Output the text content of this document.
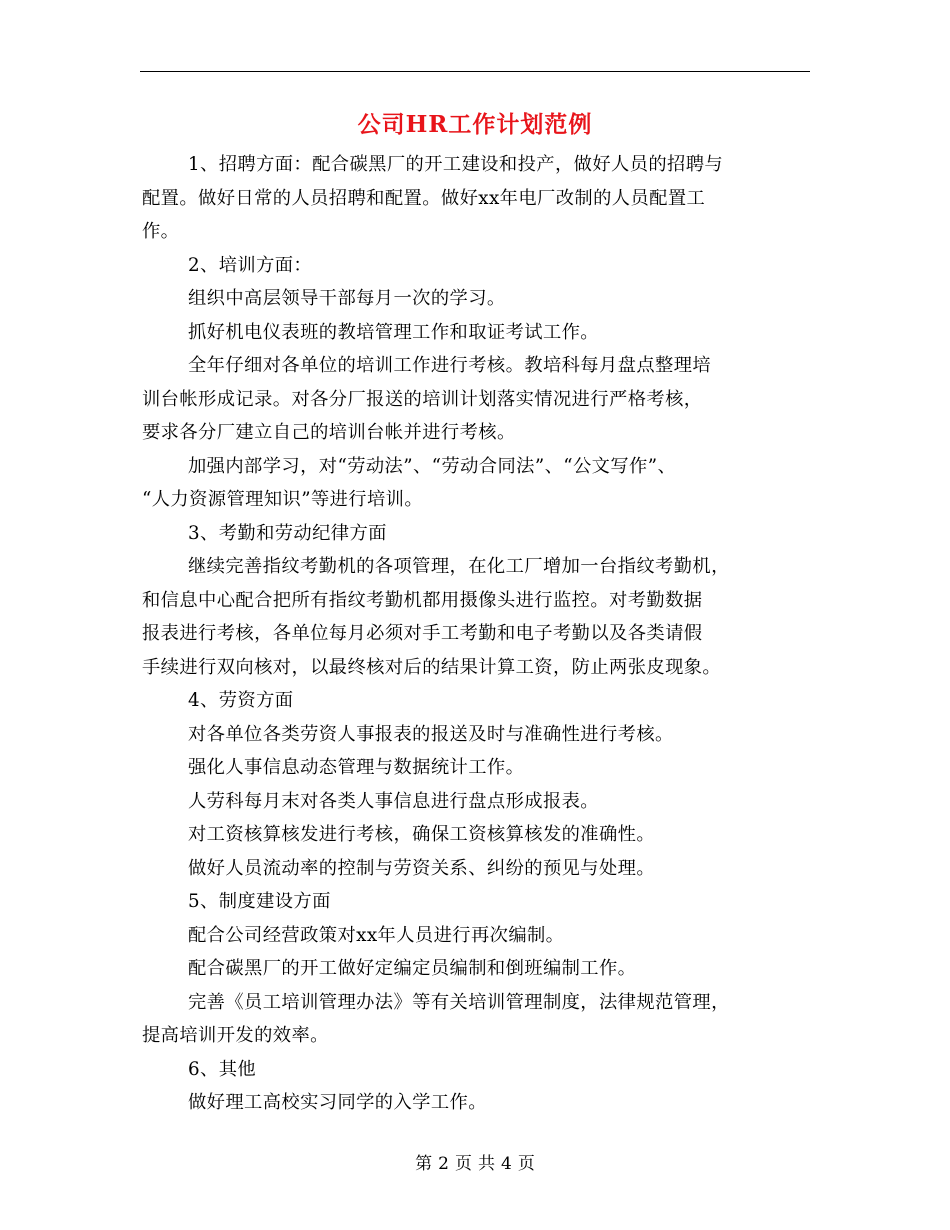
公司HR工作计划范例

1、招聘方面：配合碳黑厂的开工建设和投产，做好人员的招聘与
配置。做好日常的人员招聘和配置。做好xx年电厂改制的人员配置工
作。

2、培训方面：

组织中高层领导干部每月一次的学习。

抓好机电仪表班的教培管理工作和取证考试工作。

全年仔细对各单位的培训工作进行考核。教培科每月盘点整理培
训台帐形成记录。对各分厂报送的培训计划落实情况进行严格考核，
要求各分厂建立自己的培训台帐并进行考核。

加强内部学习，对“劳动法”、“劳动合同法”、“公文写作”、
“人力资源管理知识”等进行培训。

3、考勤和劳动纪律方面

继续完善指纹考勤机的各项管理，在化工厂增加一台指纹考勤机，
和信息中心配合把所有指纹考勤机都用摄像头进行监控。对考勤数据
报表进行考核，各单位每月必须对手工考勤和电子考勤以及各类请假
手续进行双向核对，以最终核对后的结果计算工资，防止两张皮现象。

4、劳资方面

对各单位各类劳资人事报表的报送及时与准确性进行考核。

强化人事信息动态管理与数据统计工作。

人劳科每月末对各类人事信息进行盘点形成报表。

对工资核算核发进行考核，确保工资核算核发的准确性。

做好人员流动率的控制与劳资关系、纠纷的预见与处理。

5、制度建设方面

配合公司经营政策对xx年人员进行再次编制。

配合碳黑厂的开工做好定编定员编制和倒班编制工作。

完善《员工培训管理办法》等有关培训管理制度，法律规范管理，
提高培训开发的效率。

6、其他

做好理工高校实习同学的入学工作。

第 2 页 共 4 页
